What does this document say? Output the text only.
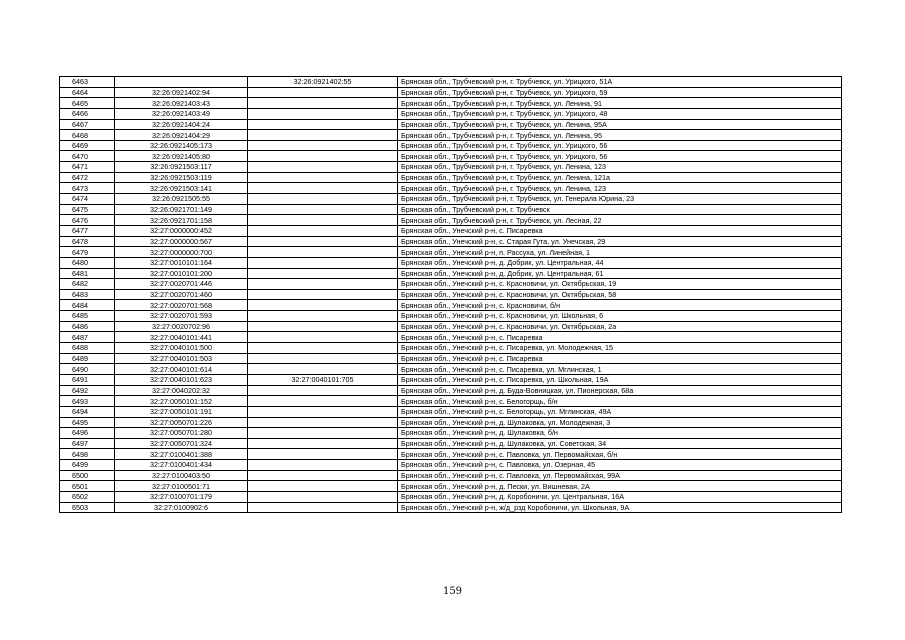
6463		32:26:0921402:55	Брянская обл., Трубчевский р-н, г. Трубчевск, ул. Урицкого, 51А
6464	32:26:0921402:94		Брянская обл., Трубчевский р-н, г. Трубчевск, ул. Урицкого, 59
6465	32:26:0921403:43		Брянская обл., Трубчевский р-н, г. Трубчевск, ул. Ленина, 91
6466	32:26:0921403:49		Брянская обл., Трубчевский р-н, г. Трубчевск, ул. Урицкого, 48
6467	32:26:0921404:24		Брянская обл., Трубчевский р-н, г. Трубчевск, ул. Ленина, 95А
6468	32:26:0921404:29		Брянская обл., Трубчевский р-н, г. Трубчевск, ул. Ленина, 95
6469	32:26:0921405:173		Брянская обл., Трубчевский р-н, г. Трубчевск, ул. Урицкого, 56
6470	32:26:0921405:80		Брянская обл., Трубчевский р-н, г. Трубчевск, ул. Урицкого, 56
6471	32:26:0921503:117		Брянская обл., Трубчевский р-н, г. Трубчевск, ул. Ленина, 123
6472	32:26:0921503:119		Брянская обл., Трубчевский р-н, г. Трубчевск, ул. Ленина, 121а
6473	32:26:0921503:141		Брянская обл., Трубчевский р-н, г. Трубчевск, ул. Ленина, 123
6474	32:26:0921505:55		Брянская обл., Трубчевский р-н, г. Трубчевск, ул. Генерала Юрина, 23
6475	32:26:0921701:149		Брянская обл., Трубчевский р-н, г. Трубчевск
6476	32:26:0921701:158		Брянская обл., Трубчевский р-н, г. Трубчевск, ул. Лесная, 22
6477	32:27:0000000:452		Брянская обл., Унечский р-н, с. Писаревка
6478	32:27:0000000:567		Брянская обл., Унечский р-н, с. Старая Гута, ул. Унечская, 29
6479	32:27:0000000:700		Брянская обл., Унечский р-н, п. Рассуха, ул. Линейная, 1
6480	32:27:0010101:164		Брянская обл., Унечский р-н, д. Добрик, ул. Центральная, 44
6481	32:27:0010101:200		Брянская обл., Унечский р-н, д. Добрик, ул. Центральная, 61
6482	32:27:0020701:446		Брянская обл., Унечский р-н, с. Красновичи, ул. Октябрьская, 19
6483	32:27:0020701:460		Брянская обл., Унечский р-н, с. Красновичи, ул. Октябрьская, 58
6484	32:27:0020701:568		Брянская обл., Унечский р-н, с. Красновичи, б/н
6485	32:27:0020701:593		Брянская обл., Унечский р-н, с. Красновичи, ул. Школьная, 6
6486	32:27:0020702:96		Брянская обл., Унечский р-н, с. Красновичи, ул. Октябрьская, 2а
6487	32:27:0040101:441		Брянская обл., Унечский р-н, с. Писаревка
6488	32:27:0040101:500		Брянская обл., Унечский р-н, с. Писаревка, ул. Молодежная, 15
6489	32:27:0040101:503		Брянская обл., Унечский р-н, с. Писаревка
6490	32:27:0040101:614		Брянская обл., Унечский р-н, с. Писаревка, ул. Мглинская, 1
6491	32:27:0040101:623	32:27:0040101:705	Брянская обл., Унечский р-н, с. Писаревка, ул. Школьная, 19А
6492	32:27:0040202:32		Брянская обл., Унечский р-н, д. Буда-Вовницкая, ул. Пионерская, 68а
6493	32:27:0050101:152		Брянская обл., Унечский р-н, с. Белогорщь, б/н
6494	32:27:0050101:191		Брянская обл., Унечский р-н, с. Белогорщь, ул. Мглинская, 49А
6495	32:27:0050701:226		Брянская обл., Унечский р-н, д. Шулаковка, ул. Молодежная, 3
6496	32:27:0050701:280		Брянская обл., Унечский р-н, д. Шулаковка, б/н
6497	32:27:0050701:324		Брянская обл., Унечский р-н, д. Шулаковка, ул. Советская, 34
6498	32:27:0100401:388		Брянская обл., Унечский р-н, с. Павловка, ул. Первомайская, б/н
6499	32:27:0100401:434		Брянская обл., Унечский р-н, с. Павловка, ул. Озерная, 45
6500	32:27:0100403:50		Брянская обл., Унечский р-н, с. Павловка, ул. Первомайская, 99А
6501	32:27:0100501:71		Брянская обл., Унечский р-н, д. Пески, ул. Вишневая, 2А
6502	32:27:0100701:179		Брянская обл., Унечский р-н, д. Коробоничи, ул. Центральная, 16А
6503	32:27:0100902:6		Брянская обл., Унечский р-н, ж/д_рзд Коробоничи, ул. Школьная, 9А
159
